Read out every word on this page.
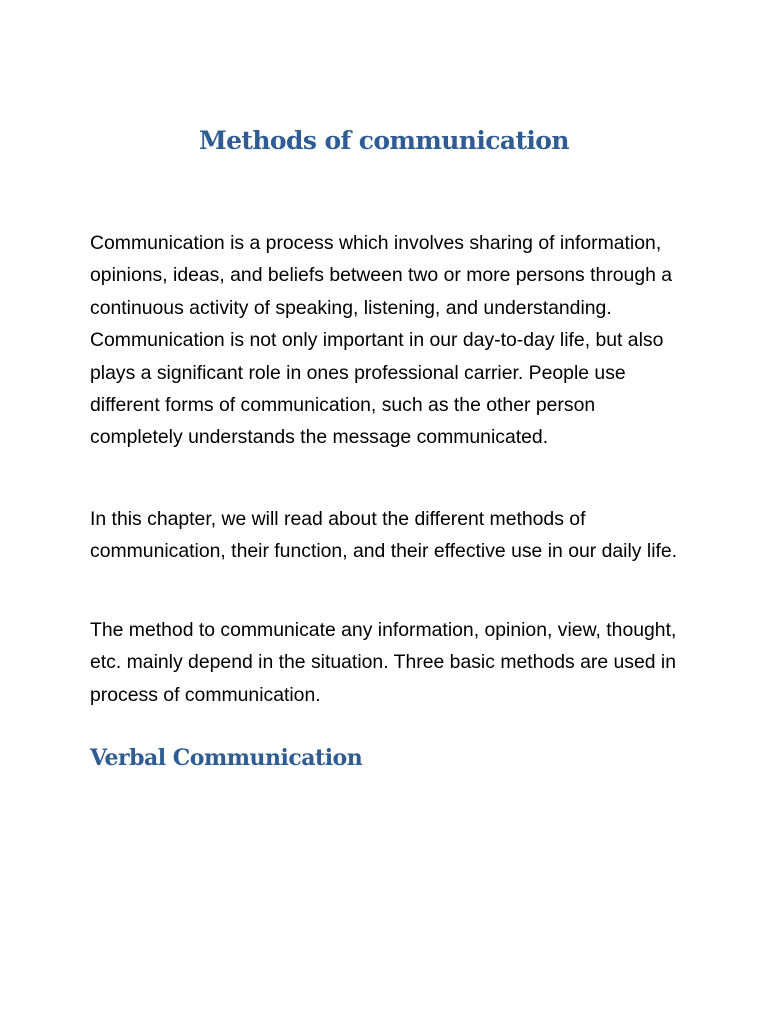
Methods of communication

Communication is a process which involves sharing of information, opinions, ideas, and beliefs between two or more persons through a continuous activity of speaking, listening, and understanding. Communication is not only important in our day-to-day life, but also plays a significant role in ones professional carrier. People use different forms of communication, such as the other person completely understands the message communicated.

In this chapter, we will read about the different methods of communication, their function, and their effective use in our daily life.

The method to communicate any information, opinion, view, thought, etc. mainly depend in the situation. Three basic methods are used in process of communication.

Verbal Communication
